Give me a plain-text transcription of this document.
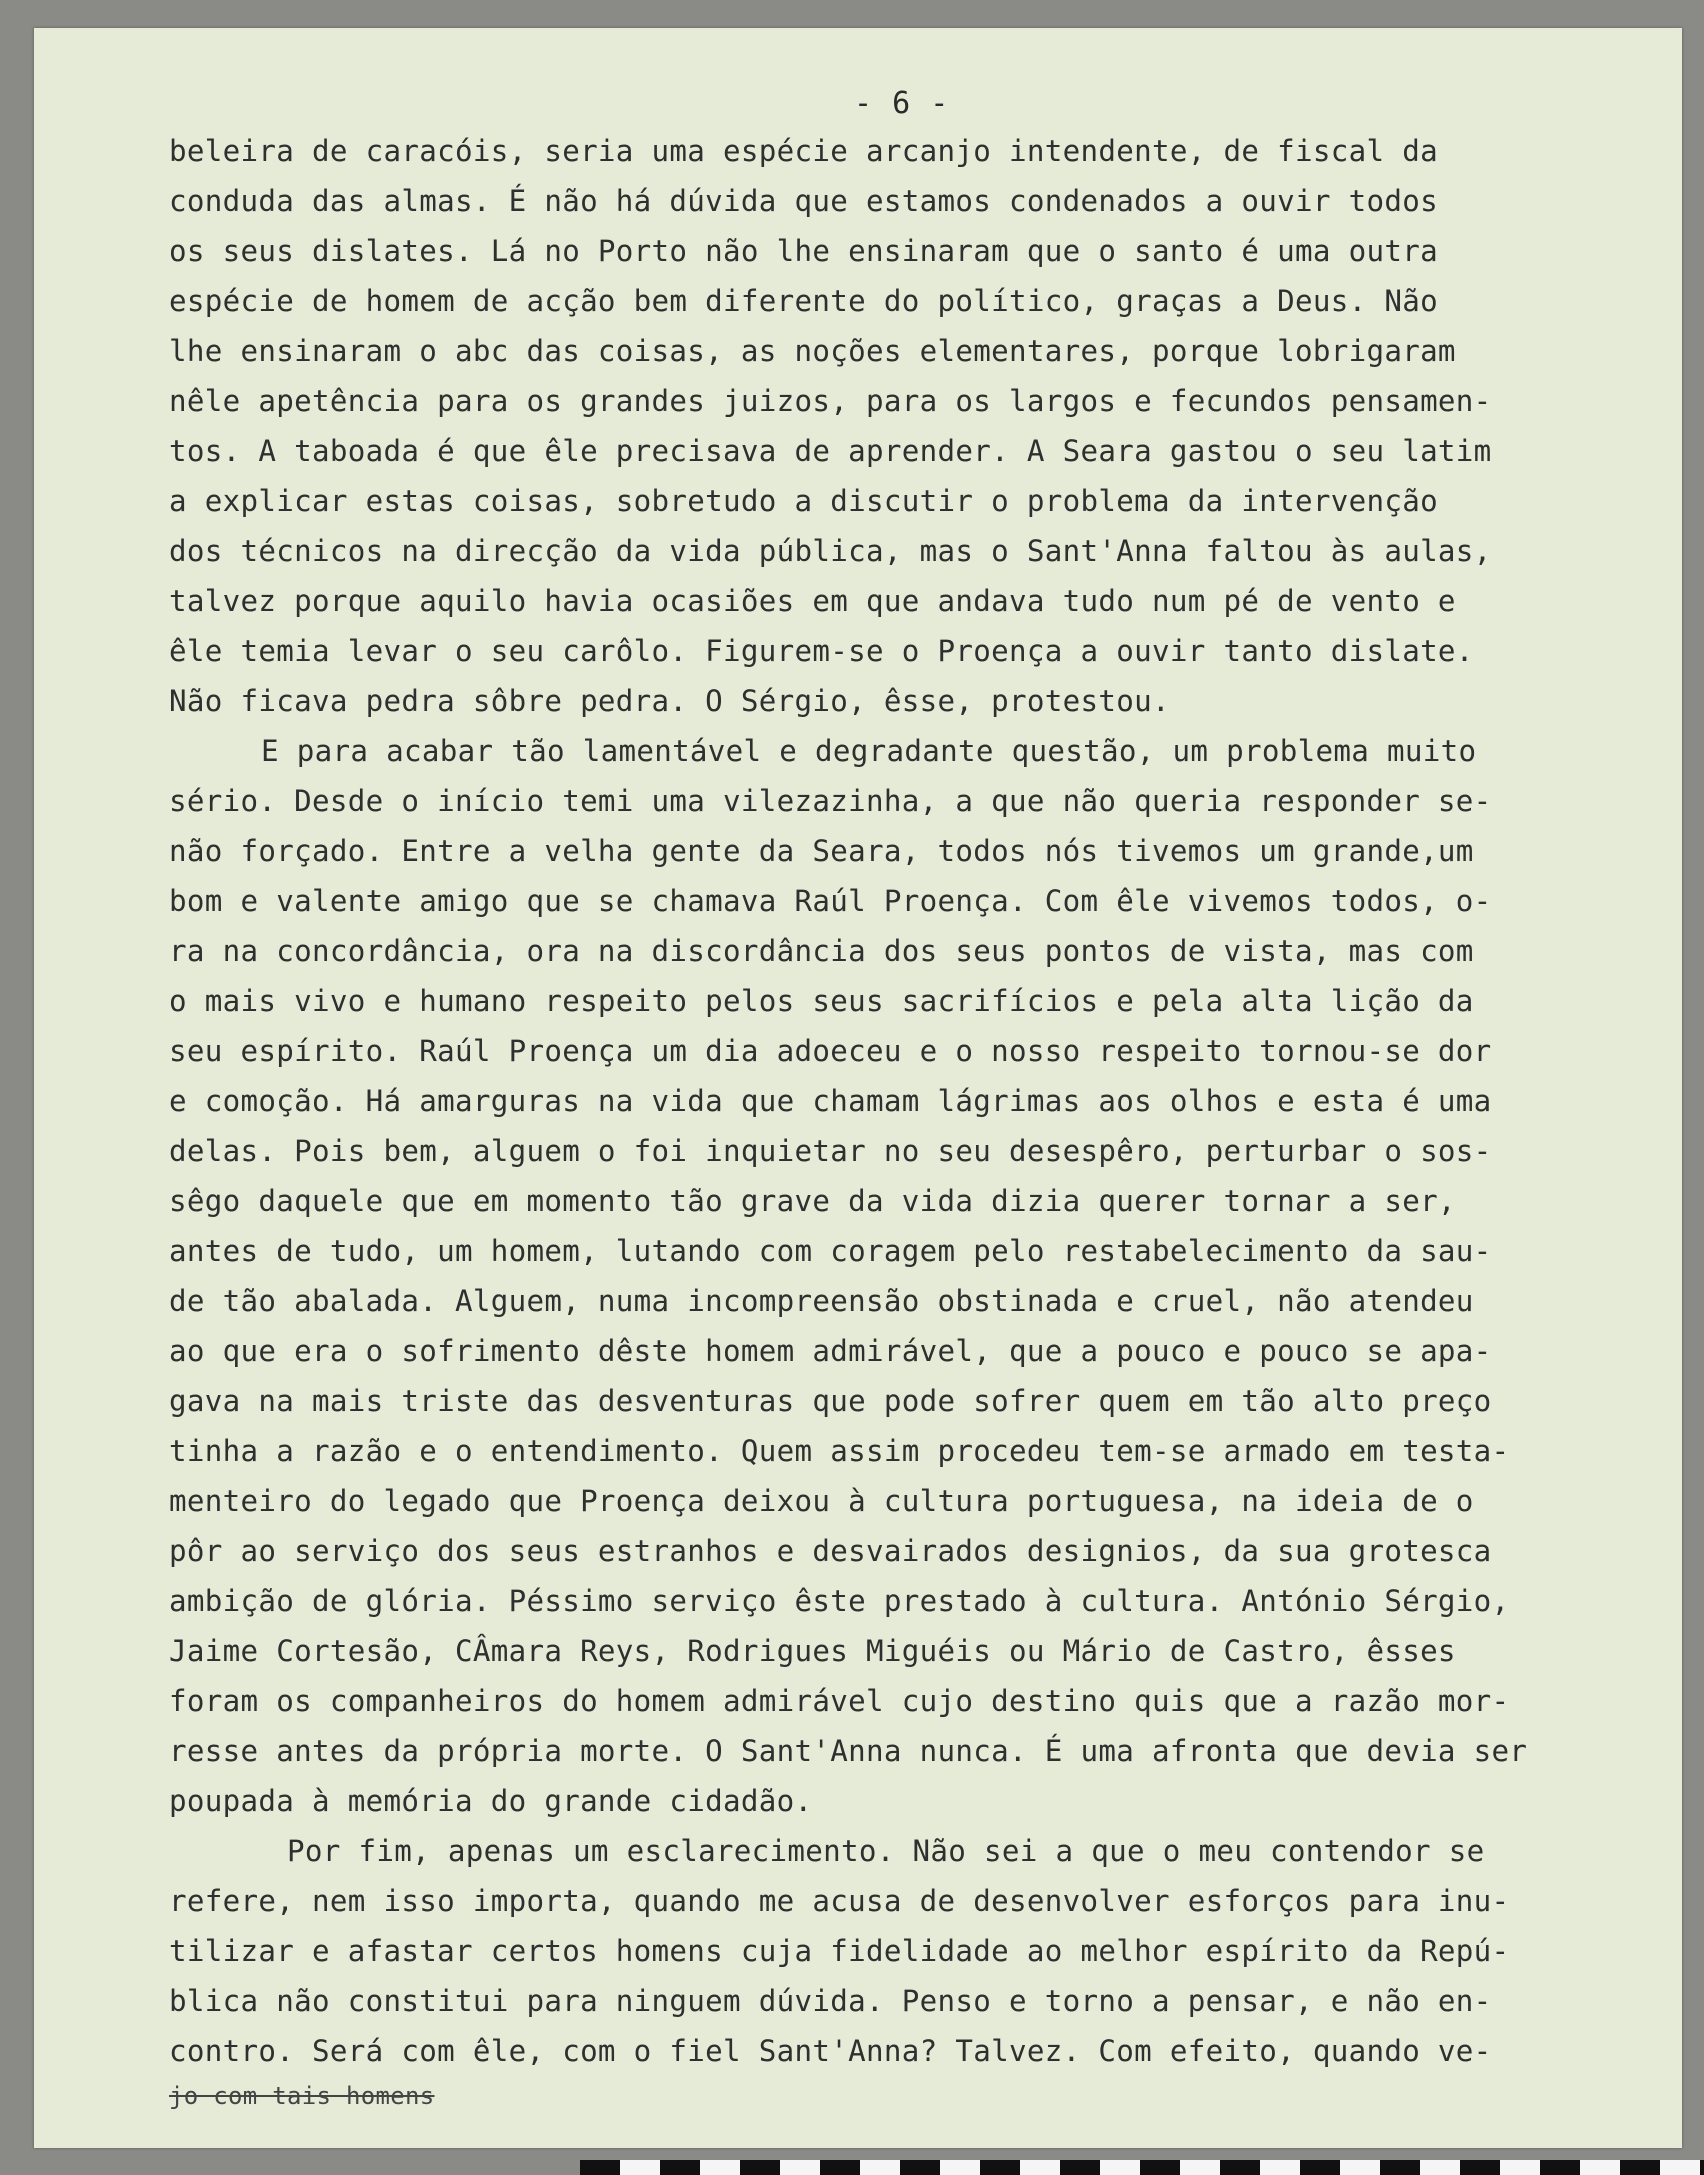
- 6 -
beleira de caracóis, seria uma espécie arcanjo intendente, de fiscal da
conduda das almas. É não há dúvida que estamos condenados a ouvir todos
os seus dislates. Lá no Porto não lhe ensinaram que o santo é uma outra
espécie de homem de acção bem diferente do político, graças a Deus. Não
lhe ensinaram o abc das coisas, as noções elementares, porque lobrigaram
nêle apetência para os grandes juizos, para os largos e fecundos pensamen-
tos. A taboada é que êle precisava de aprender. A Seara gastou o seu latim
a explicar estas coisas, sobretudo a discutir o problema da intervenção
dos técnicos na direcção da vida pública, mas o Sant'Anna faltou às aulas,
talvez porque aquilo havia ocasiões em que andava tudo num pé de vento e
êle temia levar o seu carôlo. Figurem-se o Proença a ouvir tanto dislate.
Não ficava pedra sôbre pedra. O Sérgio, êsse, protestou.
E para acabar tão lamentável e degradante questão, um problema muito
sério. Desde o início temi uma vilezazinha, a que não queria responder se-
não forçado. Entre a velha gente da Seara, todos nós tivemos um grande,um
bom e valente amigo que se chamava Raúl Proença. Com êle vivemos todos, o-
ra na concordância, ora na discordância dos seus pontos de vista, mas com
o mais vivo e humano respeito pelos seus sacrifícios e pela alta lição da
seu espírito. Raúl Proença um dia adoeceu e o nosso respeito tornou-se dor
e comoção. Há amarguras na vida que chamam lágrimas aos olhos e esta é uma
delas. Pois bem, alguem o foi inquietar no seu desespêro, perturbar o sos-
sêgo daquele que em momento tão grave da vida dizia querer tornar a ser,
antes de tudo, um homem, lutando com coragem pelo restabelecimento da sau-
de tão abalada. Alguem, numa incompreensão obstinada e cruel, não atendeu
ao que era o sofrimento dêste homem admirável, que a pouco e pouco se apa-
gava na mais triste das desventuras que pode sofrer quem em tão alto preço
tinha a razão e o entendimento. Quem assim procedeu tem-se armado em testa-
menteiro do legado que Proença deixou à cultura portuguesa, na ideia de o
pôr ao serviço dos seus estranhos e desvairados designios, da sua grotesca
ambição de glória. Péssimo serviço êste prestado à cultura. António Sérgio,
Jaime Cortesão, CÂmara Reys, Rodrigues Miguéis ou Mário de Castro, êsses
foram os companheiros do homem admirável cujo destino quis que a razão mor-
resse antes da própria morte. O Sant'Anna nunca. É uma afronta que devia ser
poupada à memória do grande cidadão.
Por fim, apenas um esclarecimento. Não sei a que o meu contendor se
refere, nem isso importa, quando me acusa de desenvolver esforços para inu-
tilizar e afastar certos homens cuja fidelidade ao melhor espírito da Repú-
blica não constitui para ninguem dúvida. Penso e torno a pensar, e não en-
contro. Será com êle, com o fiel Sant'Anna? Talvez. Com efeito, quando ve-
jo com tais homens
